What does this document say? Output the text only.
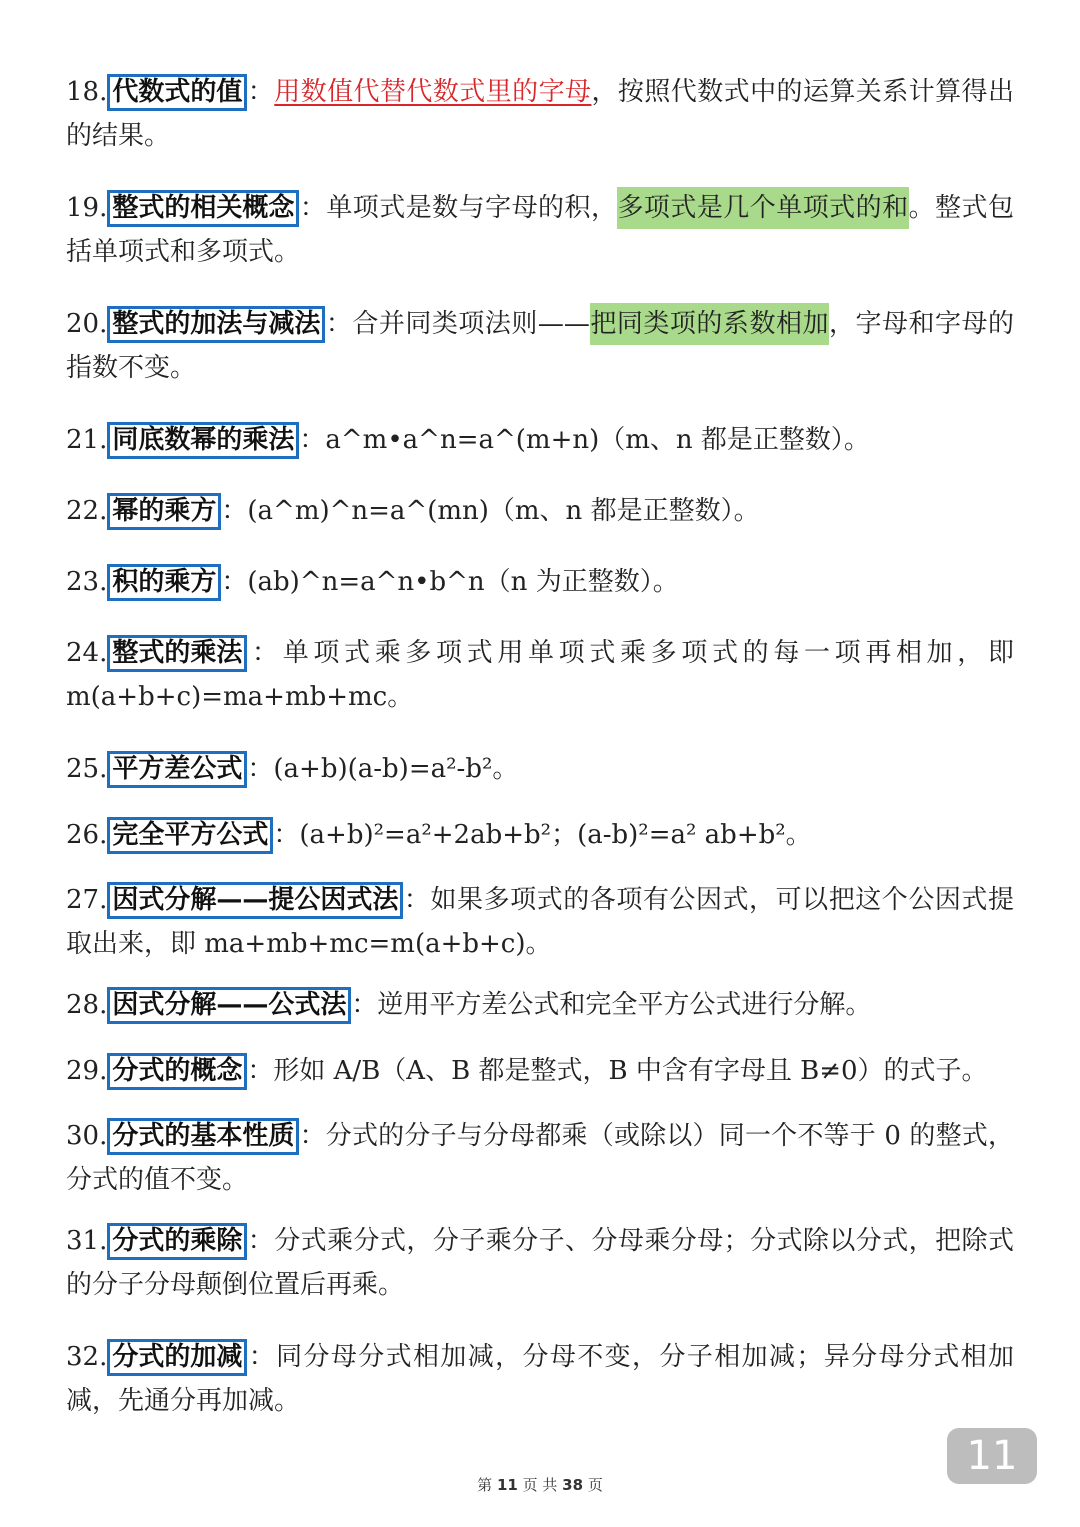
18. 代数式的值 ：用数值代替代数式里的字母，按照代数式中的运算关系计算得出的结果。

19. 整式的相关概念 ：单项式是数与字母的积，多项式是几个单项式的和。整式包括单项式和多项式。

20. 整式的加法与减法 ：合并同类项法则——把同类项的系数相加，字母和字母的指数不变。

21. 同底数幂的乘法 ：a^m•a^n=a^(m+n)（m、n 都是正整数）。

22. 幂的乘方 ：(a^m)^n=a^(mn)（m、n 都是正整数）。

23. 积的乘方 ：(ab)^n=a^n•b^n（n 为正整数）。

24. 整式的乘法 ：单项式乘多项式用单项式乘多项式的每一项再相加，即m(a+b+c)=ma+mb+mc。

25. 平方差公式 ：(a+b)(a-b)=a²-b²。

26. 完全平方公式 ：(a+b)²=a²+2ab+b²；(a-b)²=a² ab+b²。

27. 因式分解——提公因式法 ：如果多项式的各项有公因式，可以把这个公因式提取出来，即 ma+mb+mc=m(a+b+c)。

28. 因式分解——公式法 ：逆用平方差公式和完全平方公式进行分解。

29. 分式的概念 ：形如 A/B（A、B 都是整式，B 中含有字母且 B≠0）的式子。

30. 分式的基本性质 ：分式的分子与分母都乘（或除以）同一个不等于 0 的整式，分式的值不变。

31. 分式的乘除 ：分式乘分式，分子乘分子、分母乘分母；分式除以分式，把除式的分子分母颠倒位置后再乘。

32. 分式的加减 ：同分母分式相加减，分母不变，分子相加减；异分母分式相加减，先通分再加减。

11
第 11 页 共 38 页
